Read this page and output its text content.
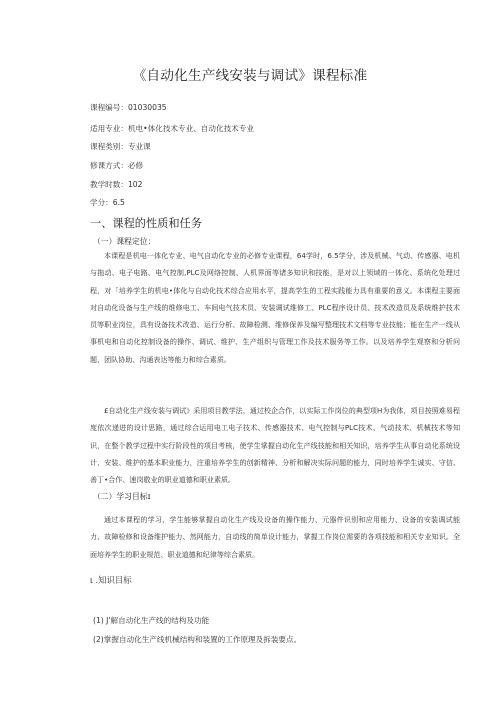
《自动化生产线安装与调试》课程标准
课程编号：01030035
适用专业：机电•体化技术专业、自动化技术专业
课程类别：专业课
修课方式：必修
教学时数：102
学分：6.5
一、课程的性质和任务
（一）课程定位：

本课程是机电一体化专业、电气自动化专业的必修专业课程，64学时，6.5学分，涉及机械、气动、传感器、电机与拖动、电子电路、电气控制,PLC及网络控制、人机界面等诸多知识和技能，是对以上领域的一体化、系统化处理过程，对「培养学生的机电•体化与自动化技术综合应用水平，提高学生的工程实践能力具有重要的意义。本课程主要面对自动化设备与生产线的维修电工、车间电气技术员、安装调试维修工、PLC程序设计员、技术改造员及系统维护技术员等职业岗位，具有设备技术改造、运行分析、故障检测、维修保养及编写整理技术文档等专业技能；能在生产一线从事机电和自动化控制设备的操作、调试、维护、生产组织与管理工作及技术服务等工作。以及培养学生观察和分析问题、团队协助、沟通表达等能力和综合素质。

£自动化生产线安装与调试》采用项目教学法，通过校企合作，以实际工作岗位的典型项H为我体，项目按照难易程度依次递进的设计思路，通过综合运用电工电子技术、传感器技术、电气控制与PLC技术、气动技术、机械技术等知识，在整个教学过程中实行阶段性的项目考核，使学生掌握自动化生产线技能和相关知识，培养学生从事自动化系统设计、安装、维护的基本职业能力，注重培养学生的创新精神、分析和解决实际问题的能力，同时培养学生诚实、守信、善丁•合作、速岗敬业的职业道德和职业素质。

（二）学习目标ɪ

通过本课程的学习，学生能够掌握自动化生产线及设备的操作能力、元器件识别和应用能力、设备的安装调试能力、故障检修和设备维护能力、然网能力，自动线的简单设计能力，掌握工作岗位需要的各项技能和相关专业知识。全面培养学生的职业规范、职业道德和纪律等综合素质。

ι .知识目标
(1) J'解自动化生产线的结构及功能
(2)掌握自动化生产线机械结构和装置的工作原理及拆装要点。
